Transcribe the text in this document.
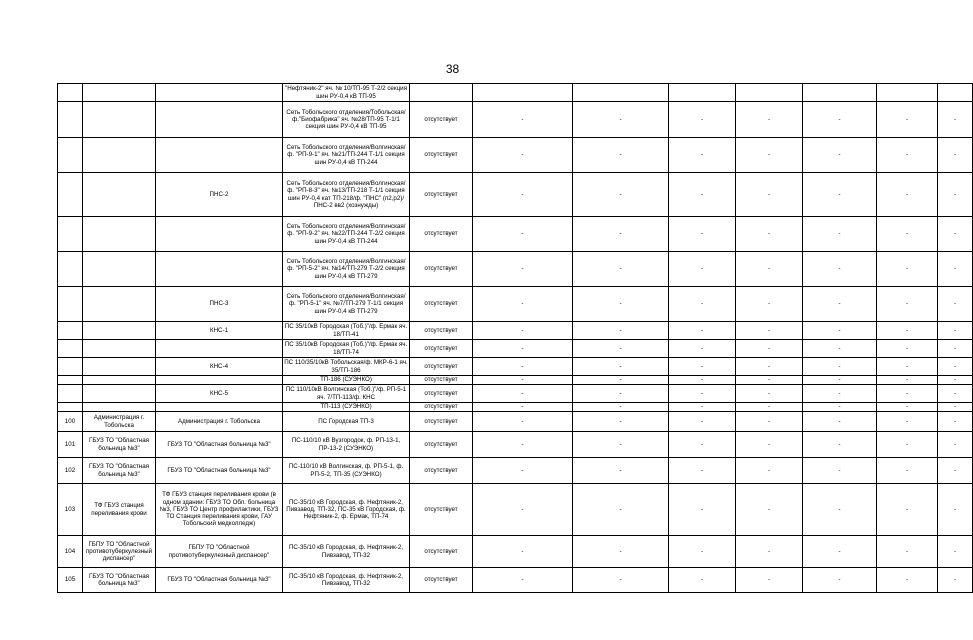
38
			"Нефтяник-2" яч. № 10/ТП-95 Т-2/2 секция шин РУ-0,4 кВ ТП-95								
			Сеть Тобольского отделения/Тобольская/ф."Биофабрика" яч. №28/ТП-95 Т-1/1 секция шин РУ-0,4 кВ ТП-95	отсутствует	-	-	-	-	-	-	-
			Сеть Тобольского отделения/Волгинская/ф. "РП-9-1" яч. №21/ТП-244 Т-1/1 секция шин РУ-0,4 кВ ТП-244	отсутствует	-	-	-	-	-	-	-
		ПНС-2	Сеть Тобольского отделения/Волгинская/ф. "РП-8-3" яч. №13/ТП-218 Т-1/1 секция шин РУ-0,4 кат ТП-218/ф. "ПНС" (п2,р2)/ПНС-2 вв2 (хознужды)	отсутствует	-	-	-	-	-	-	-
			Сеть Тобольского отделения/Волгинская/ф. "РП-9-2" яч. №22/ТП-244 Т-2/2 секция шин РУ-0,4 кВ ТП-244	отсутствует	-	-	-	-	-	-	-
			Сеть Тобольского отделения/Волгинская/ф. "РП-5-2" яч. №14/ТП-279 Т-2/2 секция шин РУ-0,4 кВ ТП-279	отсутствует	-	-	-	-	-	-	-
		ПНС-3	Сеть Тобольского отделения/Волгинская/ф. "РП-5-1" яч. №7/ТП-279 Т-1/1 секция шин РУ-0,4 кВ ТП-279	отсутствует	-	-	-	-	-	-	-
		КНС-1	ПС 35/10кВ Городская (Тоб.)"/ф. Ермак яч. 18/ТП-41	отсутствует	-	-	-	-	-	-	-
			ПС 35/10кВ Городская (Тоб.)"/ф. Ермак яч. 18/ТП-74	отсутствует	-	-	-	-	-	-	-
		КНС-4	ПС 110/35/10кВ Тобольская/ф. МКР-6-1 яч. 35/ТП-186	отсутствует	-	-	-	-	-	-	-
			ТП-186 (СУЭНКО)	отсутствует	-	-	-	-	-	-	-
		КНС-5	ПС 110/10кВ Волгинская (Тоб.)"/ф. РП-5-1 яч. 7/ТП-113/ф. КНС	отсутствует	-	-	-	-	-	-	-
			ТП-113 (СУЭНКО)	отсутствует	-	-	-	-	-	-	-
100	Администрация г. Тобольска	Администрация г. Тобольска	ПС Городская ТП-3	отсутствует	-	-	-	-	-	-	-
101	ГБУЗ ТО "Областная больница №3"	ГБУЗ ТО "Областная больница №3"	ПС-110/10 кВ Вузгородок, ф. РП-13-1, ПР-13-2 (СУЭНКО)	отсутствует	-	-	-	-	-	-	-
102	ГБУЗ ТО "Областная больница №3"	ГБУЗ ТО "Областная больница №3"	ПС-110/10 кВ Волгинская, ф. РП-5-1, ф. РП-5-2, ТП-35 (СУЭНКО)	отсутствует	-	-	-	-	-	-	-
103	ТФ ГБУЗ станция переливания крови	ТФ ГБУЗ станция переливания крови (в одном здании: ГБУЗ ТО Обл. больница №3, ГБУЗ ТО Центр профилактики, ГБУЗ ТО Станция переливания крови, ГАУ Тобольский медколледж)	ПС-35/10 кВ Городская, ф. Нефтяник-2, Пивзавод, ТП-32, ПС-35 кВ Городская, ф. Нефтяник-2, ф. Ермак, ТП-74	отсутствует	-	-	-	-	-	-	-
104	ГБПУ ТО "Областной противотуберкулезный диспансер"	ГБПУ ТО "Областной противотуберкулезный диспансер"	ПС-35/10 кВ Городская, ф. Нефтяник-2, Пивзавод, ТП-32	отсутствует	-	-	-	-	-	-	-
105	ГБУЗ ТО "Областная больница №3"	ГБУЗ ТО "Областная больница №3"	ПС-35/10 кВ Городская, ф. Нефтяник-2, Пивзавод, ТП-32	отсутствует	-	-	-	-	-	-	-
